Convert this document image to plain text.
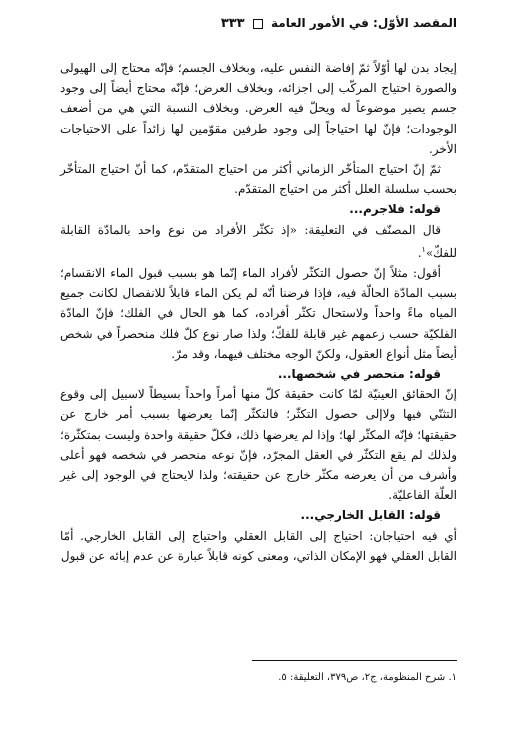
المقصد الأوّل: في الأمور العامة  ٣٣٣

إيجاد بدن لها أوّلاً ثمّ إفاضة النفس عليه، وبخلاف الجسم؛ فإنّه محتاج إلى الهيولى والصورة احتياج المركّب إلى اجزائه، وبخلاف العرض؛ فإنّه محتاج أيضاً إلى وجود جسم يصير موضوعاً له ويحلّ فيه العرض. وبخلاف النسبة التي هي من أضعف الوجودات؛ فإنّ لها احتياجاً إلى وجود طرفين مقوّمين لها زائداً على الاحتياجات الأخر.

ثمّ إنّ احتياج المتأخّر الزماني أكثر من احتياج المتقدّم، كما أنّ احتياج المتأخّر بحسب سلسلة العلل أكثر من احتياج المتقدّم.

قوله: فلاجرم...

قال المصنّف في التعليقة: «إذ تكثّر الأفراد من نوع واحد بالمادّة القابلة للفكّ»$^١$.

أقول: مثلاً إنّ حصول التكثّر لأفراد الماء إنّما هو بسبب قبول الماء الانقسام؛ بسبب المادّة الحالّة فيه، فإذا فرضنا أنّه لم يكن الماء قابلاً للانفصال لكانت جميع المياه ماءً واحداً ولاستحال تكثّر أفراده، كما هو الحال في الفلك؛ فإنّ المادّة الفلكيّة حسب زعمهم غير قابلة للفكّ؛ ولذا صار نوع كلّ فلك منحصراً في شخص أيضاً مثل أنواع العقول، ولكنّ الوجه مختلف فيهما، وقد مرّ.

قوله: منحصر في شخصها...

إنّ الحقائق العينيّة لمّا كانت حقيقة كلّ منها أمراً واحداً بسيطاً لاسبيل إلى وقوع التثنّي فيها ولاإلى حصول التكثّر؛ فالتكثّر إنّما يعرضها بسبب أمر خارج عن حقيقتها؛ فإنّه المكثّر لها؛ وإذا لم يعرضها ذلك، فكلّ حقيقة واحدة وليست بمتكثّرة؛ ولذلك لم يقع التكثّر في العقل المجرّد، فإنّ نوعه منحصر في شخصه فهو أعلى وأشرف من أن يعرضه مكثّر خارج عن حقيقته؛ ولذا لايحتاج في الوجود إلى غير العلّة الفاعليّة.

قوله: القابل الخارجي...

أي فيه احتياجان: احتياج إلى القابل العقلي واحتياج إلى القابل الخارجي. أمّا القابل العقلي فهو الإمكان الذاتي، ومعنى كونه قابلاً عبارة عن عدم إبائه عن قبول

١. شرح المنظومة، ج٢، ص٣٧٩، التعليقة: ٥.
